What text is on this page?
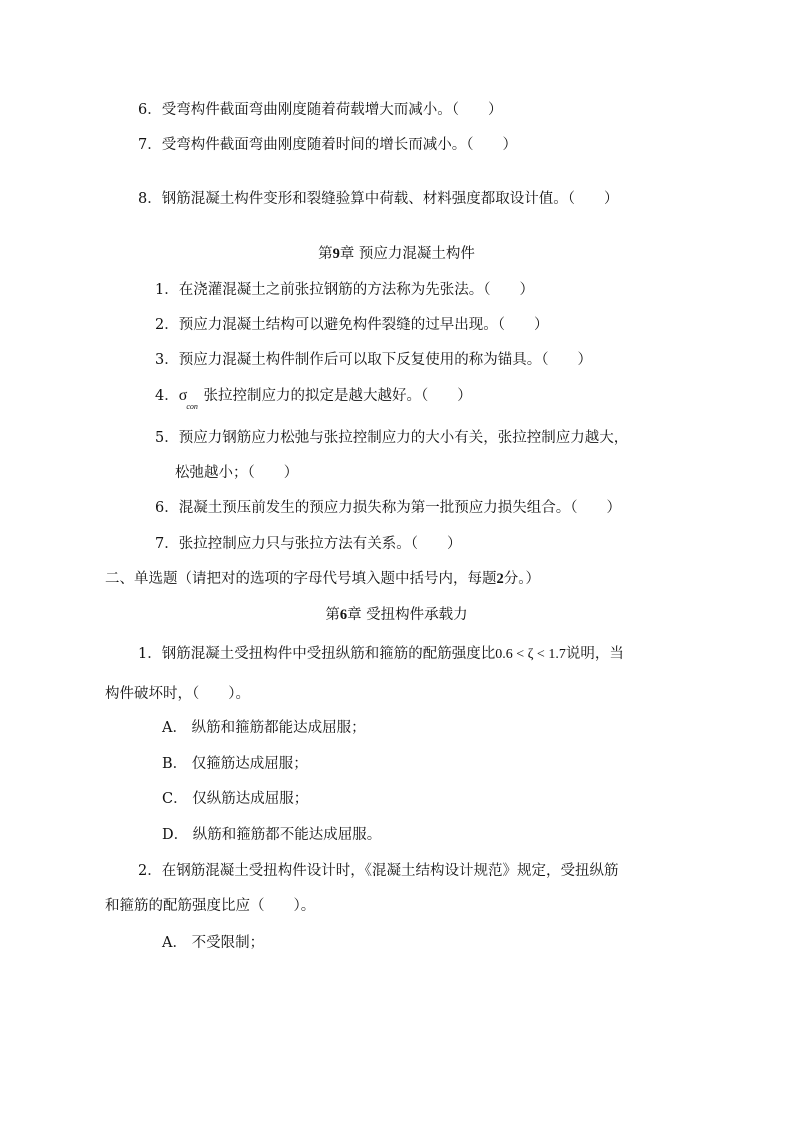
6．受弯构件截面弯曲刚度随着荷载增大而减小。（　　）
7．受弯构件截面弯曲刚度随着时间的增长而减小。（　　）
8．钢筋混凝土构件变形和裂缝验算中荷载、材料强度都取设计值。（　　）
第9章 预应力混凝土构件
1．在浇灌混凝土之前张拉钢筋的方法称为先张法。（　　）
2．预应力混凝土结构可以避免构件裂缝的过早出现。（　　）
3．预应力混凝土构件制作后可以取下反复使用的称为锚具。（　　）
4．$\sigma_{con}$ 张拉控制应力的拟定是越大越好。（　　）
5．预应力钢筋应力松弛与张拉控制应力的大小有关，张拉控制应力越大，
松弛越小；（　　）
6．混凝土预压前发生的预应力损失称为第一批预应力损失组合。（　　）
7．张拉控制应力只与张拉方法有关系。（　　）
二、单选题（请把对的选项的字母代号填入题中括号内，每题2分。）
第6章 受扭构件承载力
1．钢筋混凝土受扭构件中受扭纵筋和箍筋的配筋强度比0.6 < ζ < 1.7说明，当
构件破坏时，（　　）。
A． 纵筋和箍筋都能达成屈服；
B． 仅箍筋达成屈服；
C． 仅纵筋达成屈服；
D． 纵筋和箍筋都不能达成屈服。
2．在钢筋混凝土受扭构件设计时，《混凝土结构设计规范》规定，受扭纵筋
和箍筋的配筋强度比应（　　）。
A． 不受限制；
